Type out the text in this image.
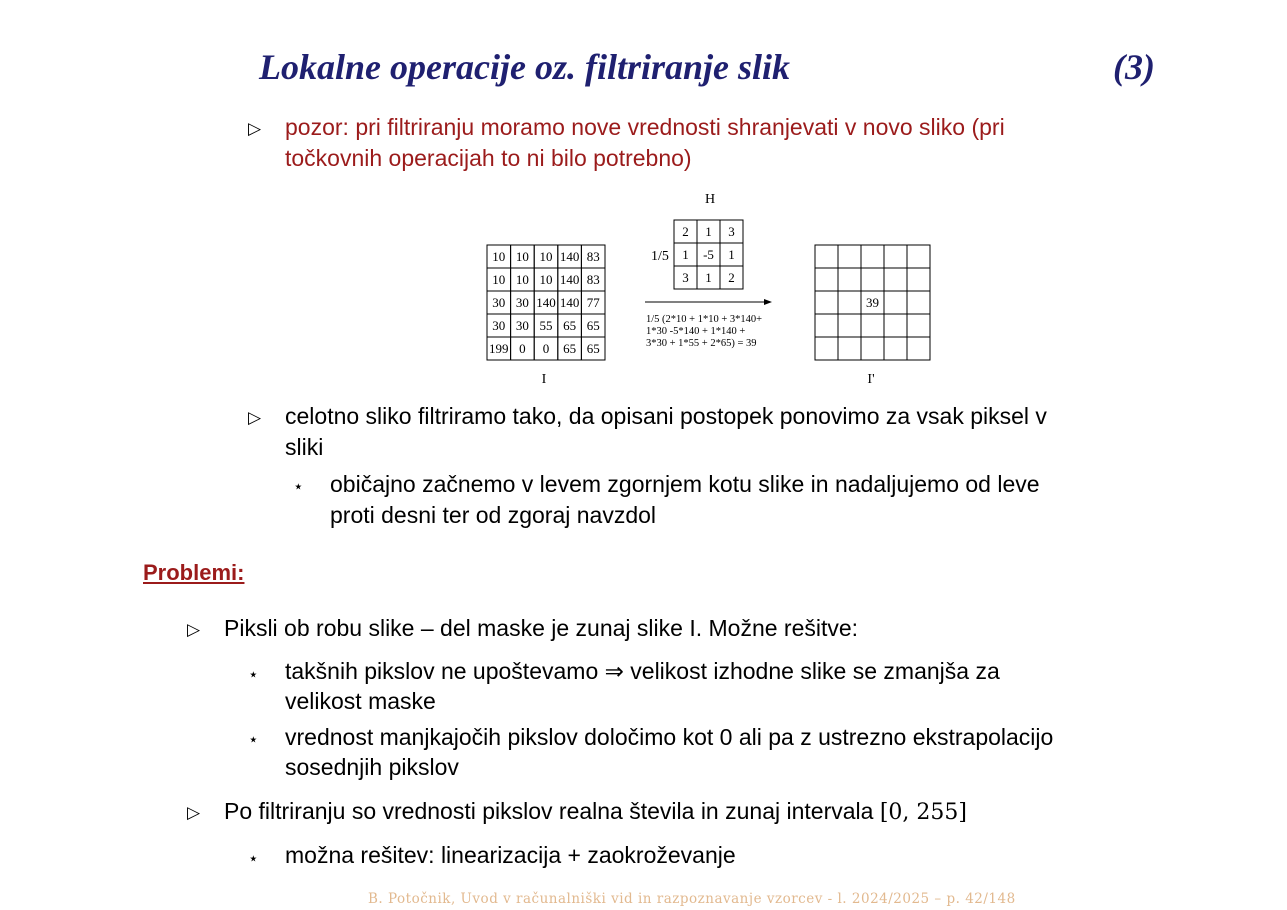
Lokalne operacije oz. filtriranje slik	(3)
▷ pozor: pri filtriranju moramo nove vrednosti shranjevati v novo sliko (pri
točkovnih operacijah to ni bilo potrebno)
10 10 10 140 83
10 10 10 140 83
30 30 140 140 77
30 30 55 65 65
199 0 0 65 65
I
H
1/5
2 1 3
1 -5 1
3 1 2
1/5 (2*10 + 1*10 + 3*140+
1*30 -5*140 + 1*140 +
3*30 + 1*55 + 2*65) = 39
39
I'
▷ celotno sliko filtriramo tako, da opisani postopek ponovimo za vsak piksel v
sliki
⋆ običajno začnemo v levem zgornjem kotu slike in nadaljujemo od leve
proti desni ter od zgoraj navzdol
Problemi:
▷ Piksli ob robu slike – del maske je zunaj slike I. Možne rešitve:
⋆ takšnih pikslov ne upoštevamo ⇒ velikost izhodne slike se zmanjša za
velikost maske
⋆ vrednost manjkajočih pikslov določimo kot 0 ali pa z ustrezno ekstrapolacijo
sosednjih pikslov
▷ Po filtriranju so vrednosti pikslov realna števila in zunaj intervala [0, 255]
⋆ možna rešitev: linearizacija + zaokroževanje
B. Potočnik, Uvod v računalniški vid in razpoznavanje vzorcev - l. 2024/2025 – p. 42/148
